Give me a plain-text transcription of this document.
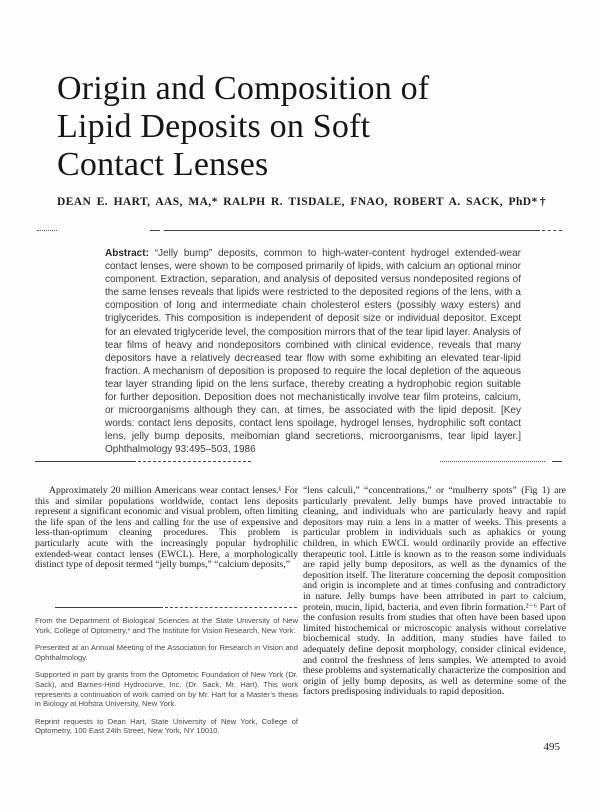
Origin and Composition of
Lipid Deposits on Soft
Contact Lenses
DEAN E. HART, AAS, MA,* RALPH R. TISDALE, FNAO, ROBERT A. SACK, PhD*†
Abstract: “Jelly bump” deposits, common to high-water-content hydrogel extended-wear contact lenses, were shown to be composed primarily of lipids, with calcium an optional minor component. Extraction, separation, and analysis of deposited versus nondeposited regions of the same lenses reveals that lipids were restricted to the deposited regions of the lens, with a composition of long and intermediate chain cholesterol esters (possibly waxy esters) and triglycerides. This composition is independent of deposit size or individual depositor. Except for an elevated triglyceride level, the composition mirrors that of the tear lipid layer. Analysis of tear films of heavy and nondepositors combined with clinical evidence, reveals that many depositors have a relatively decreased tear flow with some exhibiting an elevated tear-lipid fraction. A mechanism of deposition is proposed to require the local depletion of the aqueous tear layer stranding lipid on the lens surface, thereby creating a hydrophobic region suitable for further deposition. Deposition does not mechanistically involve tear film proteins, calcium, or microorganisms although they can, at times, be associated with the lipid deposit. [Key words: contact lens deposits, contact lens spoilage, hydrogel lenses, hydrophilic soft contact lens, jelly bump deposits, meibomian gland secretions, microorganisms, tear lipid layer.] Ophthalmology 93:495–503, 1986
Approximately 20 million Americans wear contact lenses.¹ For this and similar populations worldwide, contact lens deposits represent a significant economic and visual problem, often limiting the life span of the lens and calling for the use of expensive and less-than-optimum cleaning procedures. This problem is particularly acute with the increasingly popular hydrophilic extended-wear contact lenses (EWCL). Here, a morphologically distinct type of deposit termed “jelly bumps,” “calcium deposits,”
“lens calculi,” “concentrations,” or “mulberry spots” (Fig 1) are particularly prevalent. Jelly bumps have proved intractable to cleaning, and individuals who are particularly heavy and rapid depositors may ruin a lens in a matter of weeks. This presents a particular problem in individuals such as aphakics or young children, in which EWCL would ordinarily provide an effective therapeutic tool. Little is known as to the reason some individuals are rapid jelly bump depositors, as well as the dynamics of the deposition itself. The literature concerning the deposit composition and origin is incomplete and at times confusing and contradictory in nature. Jelly bumps have been attributed in part to calcium, protein, mucin, lipid, bacteria, and even fibrin formation.²⁻⁶ Part of the confusion results from studies that often have been based upon limited histochemical or microscopic analysis without correlative biochemical study. In addition, many studies have failed to adequately define deposit morphology, consider clinical evidence, and control the freshness of lens samples. We attempted to avoid these problems and systematically characterize the composition and origin of jelly bump deposits, as well as determine some of the factors predisposing individuals to rapid deposition.

From the Department of Biological Sciences at the State University of New York, College of Optometry,* and The Institute for Vision Research, New York.

Presented at an Annual Meeting of the Association for Research in Vision and Ophthalmology.

Supported in part by grants from the Optometric Foundation of New York (Dr. Sack), and Barnes-Hind Hydrocurve, Inc. (Dr. Sack, Mr. Hart). This work represents a continuation of work carried on by Mr. Hart for a Master’s thesis in Biology at Hofstra University, New York.

Reprint requests to Dean Hart, State University of New York, College of Optometry, 100 East 24th Street, New York, NY 10010.

495
